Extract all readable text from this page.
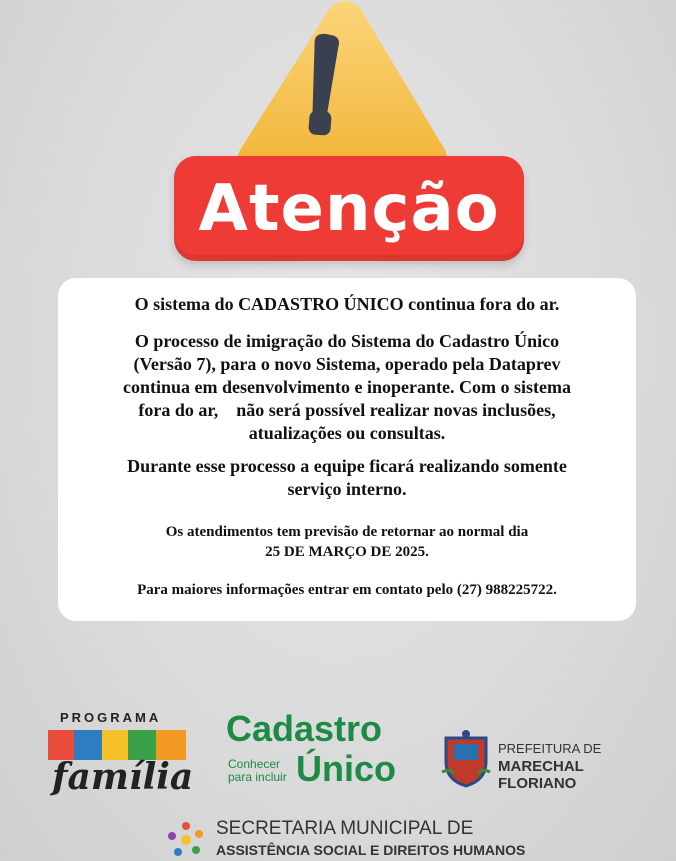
Atenção

O sistema do CADASTRO ÚNICO continua fora do ar.

O processo de imigração do Sistema do Cadastro Único
(Versão 7), para o novo Sistema, operado pela Dataprev
continua em desenvolvimento e inoperante. Com o sistema
fora do ar,    não será possível realizar novas inclusões,
atualizações ou consultas.

Durante esse processo a equipe ficará realizando somente
serviço interno.

Os atendimentos tem previsão de retornar ao normal dia
25 DE MARÇO DE 2025.

Para maiores informações entrar em contato pelo (27) 988225722.

PROGRAMA
família
Cadastro
Conhecer
para incluir Único	PREFEITURA DE
MARECHAL FLORIANO
SECRETARIA MUNICIPAL DE
ASSISTÊNCIA SOCIAL E DIREITOS HUMANOS
